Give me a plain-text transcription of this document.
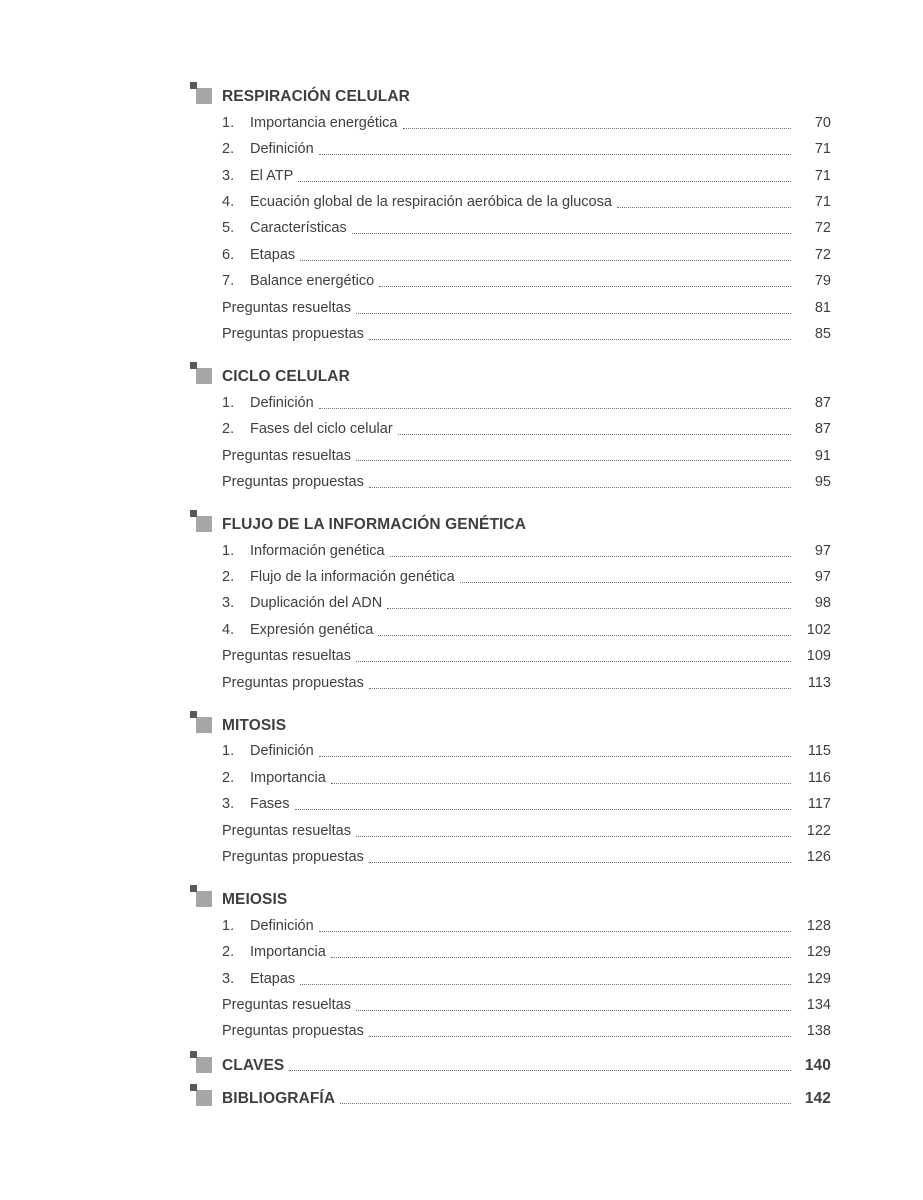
RESPIRACIÓN CELULAR
1.	Importancia energética	70
2.	Definición	71
3.	El ATP	71
4.	Ecuación global de la respiración aeróbica de la glucosa	71
5.	Características	72
6.	Etapas	72
7.	Balance energético	79
Preguntas resueltas	81
Preguntas propuestas	85
CICLO CELULAR
1.	Definición	87
2.	Fases del ciclo celular	87
Preguntas resueltas	91
Preguntas propuestas	95
FLUJO DE LA INFORMACIÓN GENÉTICA
1.	Información genética	97
2.	Flujo de la información genética	97
3.	Duplicación del ADN	98
4.	Expresión genética	102
Preguntas resueltas	109
Preguntas propuestas	113
MITOSIS
1.	Definición	115
2.	Importancia	116
3.	Fases	117
Preguntas resueltas	122
Preguntas propuestas	126
MEIOSIS
1.	Definición	128
2.	Importancia	129
3.	Etapas	129
Preguntas resueltas	134
Preguntas propuestas	138
CLAVES	140
BIBLIOGRAFÍA	142
